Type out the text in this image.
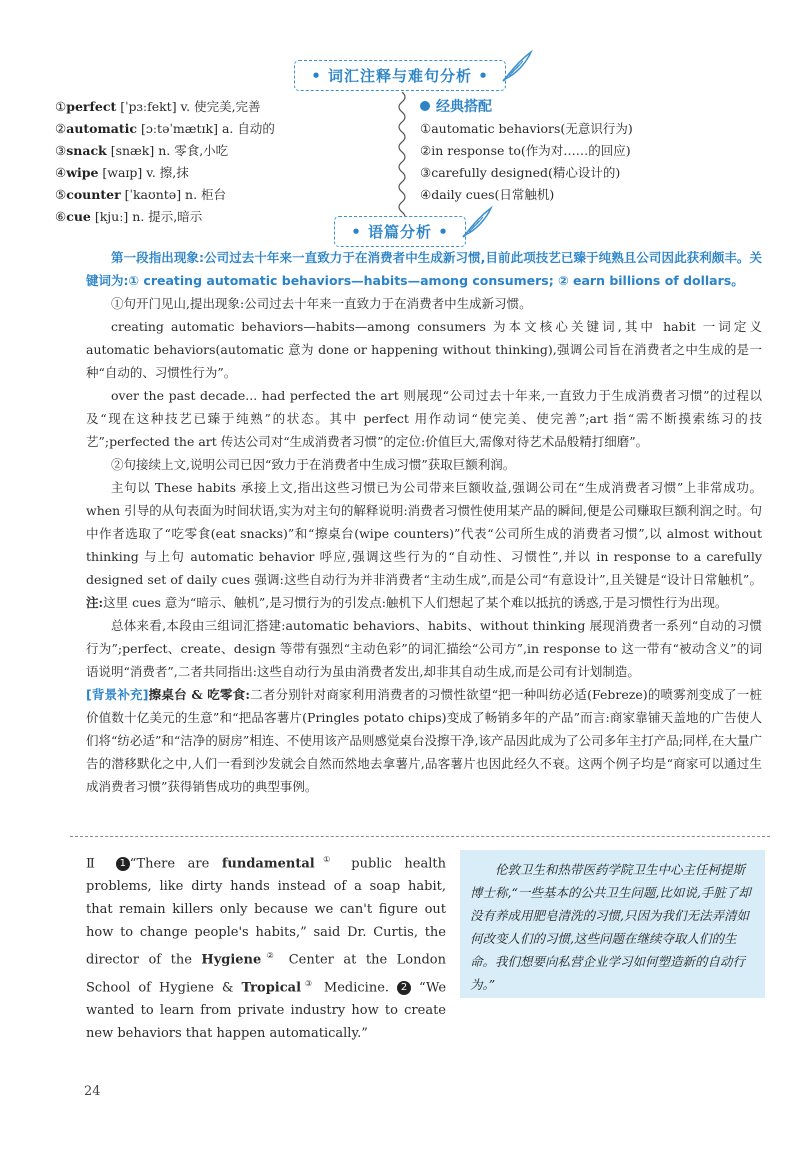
• 词汇注释与难句分析 •
①perfect [ˈpɜːfekt] v. 使完美,完善
②automatic [ɔːtəˈmætɪk] a. 自动的
③snack [snæk] n. 零食,小吃
④wipe [waɪp] v. 擦,抹
⑤counter [ˈkaʊntə] n. 柜台
⑥cue [kjuː] n. 提示,暗示
经典搭配
①automatic behaviors(无意识行为)
②in response to(作为对……的回应)
③carefully designed(精心设计的)
④daily cues(日常触机)
• 语篇分析 •

第一段指出现象:公司过去十年来一直致力于在消费者中生成新习惯,目前此项技艺已臻于纯熟且公司因此获利颇丰。关键词为:① creating automatic behaviors—habits—among consumers; ② earn billions of dollars。

①句开门见山,提出现象:公司过去十年来一直致力于在消费者中生成新习惯。

creating automatic behaviors—habits—among consumers 为本文核心关键词,其中 habit 一词定义 automatic behaviors(automatic 意为 done or happening without thinking),强调公司旨在消费者之中生成的是一种“自动的、习惯性行为”。

over the past decade... had perfected the art 则展现“公司过去十年来,一直致力于生成消费者习惯”的过程以及“现在这种技艺已臻于纯熟”的状态。其中 perfect 用作动词“使完美、使完善”;art 指“需不断摸索练习的技艺”;perfected the art 传达公司对“生成消费者习惯”的定位:价值巨大,需像对待艺术品般精打细磨”。

②句接续上文,说明公司已因“致力于在消费者中生成习惯”获取巨额利润。

主句以 These habits 承接上文,指出这些习惯已为公司带来巨额收益,强调公司在“生成消费者习惯”上非常成功。when 引导的从句表面为时间状语,实为对主句的解释说明:消费者习惯性使用某产品的瞬间,便是公司赚取巨额利润之时。句中作者选取了“吃零食(eat snacks)”和“擦桌台(wipe counters)”代表“公司所生成的消费者习惯”,以 almost without thinking 与上句 automatic behavior 呼应,强调这些行为的“自动性、习惯性”,并以 in response to a carefully designed set of daily cues 强调:这些自动行为并非消费者“主动生成”,而是公司“有意设计”,且关键是“设计日常触机”。注:这里 cues 意为“暗示、触机”,是习惯行为的引发点:触机下人们想起了某个难以抵抗的诱惑,于是习惯性行为出现。

总体来看,本段由三组词汇搭建:automatic behaviors、habits、without thinking 展现消费者一系列“自动的习惯行为”;perfect、create、design 等带有强烈“主动色彩”的词汇描绘“公司方”,in response to 这一带有“被动含义”的词语说明“消费者”,二者共同指出:这些自动行为虽由消费者发出,却非其自动生成,而是公司有计划制造。

[背景补充]擦桌台 & 吃零食:二者分别针对商家利用消费者的习惯性欲望“把一种叫纺必适(Febreze)的喷雾剂变成了一桩价值数十亿美元的生意”和“把品客薯片(Pringles potato chips)变成了畅销多年的产品”而言:商家靠铺天盖地的广告使人们将“纺必适”和“洁净的厨房”相连、不使用该产品则感觉桌台没擦干净,该产品因此成为了公司多年主打产品;同样,在大量广告的潜移默化之中,人们一看到沙发就会自然而然地去拿薯片,品客薯片也因此经久不衰。这两个例子均是“商家可以通过生成消费者习惯”获得销售成功的典型事例。

Ⅱ 1 “There are fundamental① public health problems, like dirty hands instead of a soap habit, that remain killers only because we can't figure out how to change people's habits,” said Dr. Curtis, the director of the Hygiene② Center at the London School of Hygiene & Tropical③ Medicine. 2 “We wanted to learn from private industry how to create new behaviors that happen automatically.”
伦敦卫生和热带医药学院卫生中心主任柯提斯博士称,“一些基本的公共卫生问题,比如说,手脏了却没有养成用肥皂清洗的习惯,只因为我们无法弄清如何改变人们的习惯,这些问题在继续夺取人们的生命。我们想要向私营企业学习如何塑造新的自动行为。”
24
